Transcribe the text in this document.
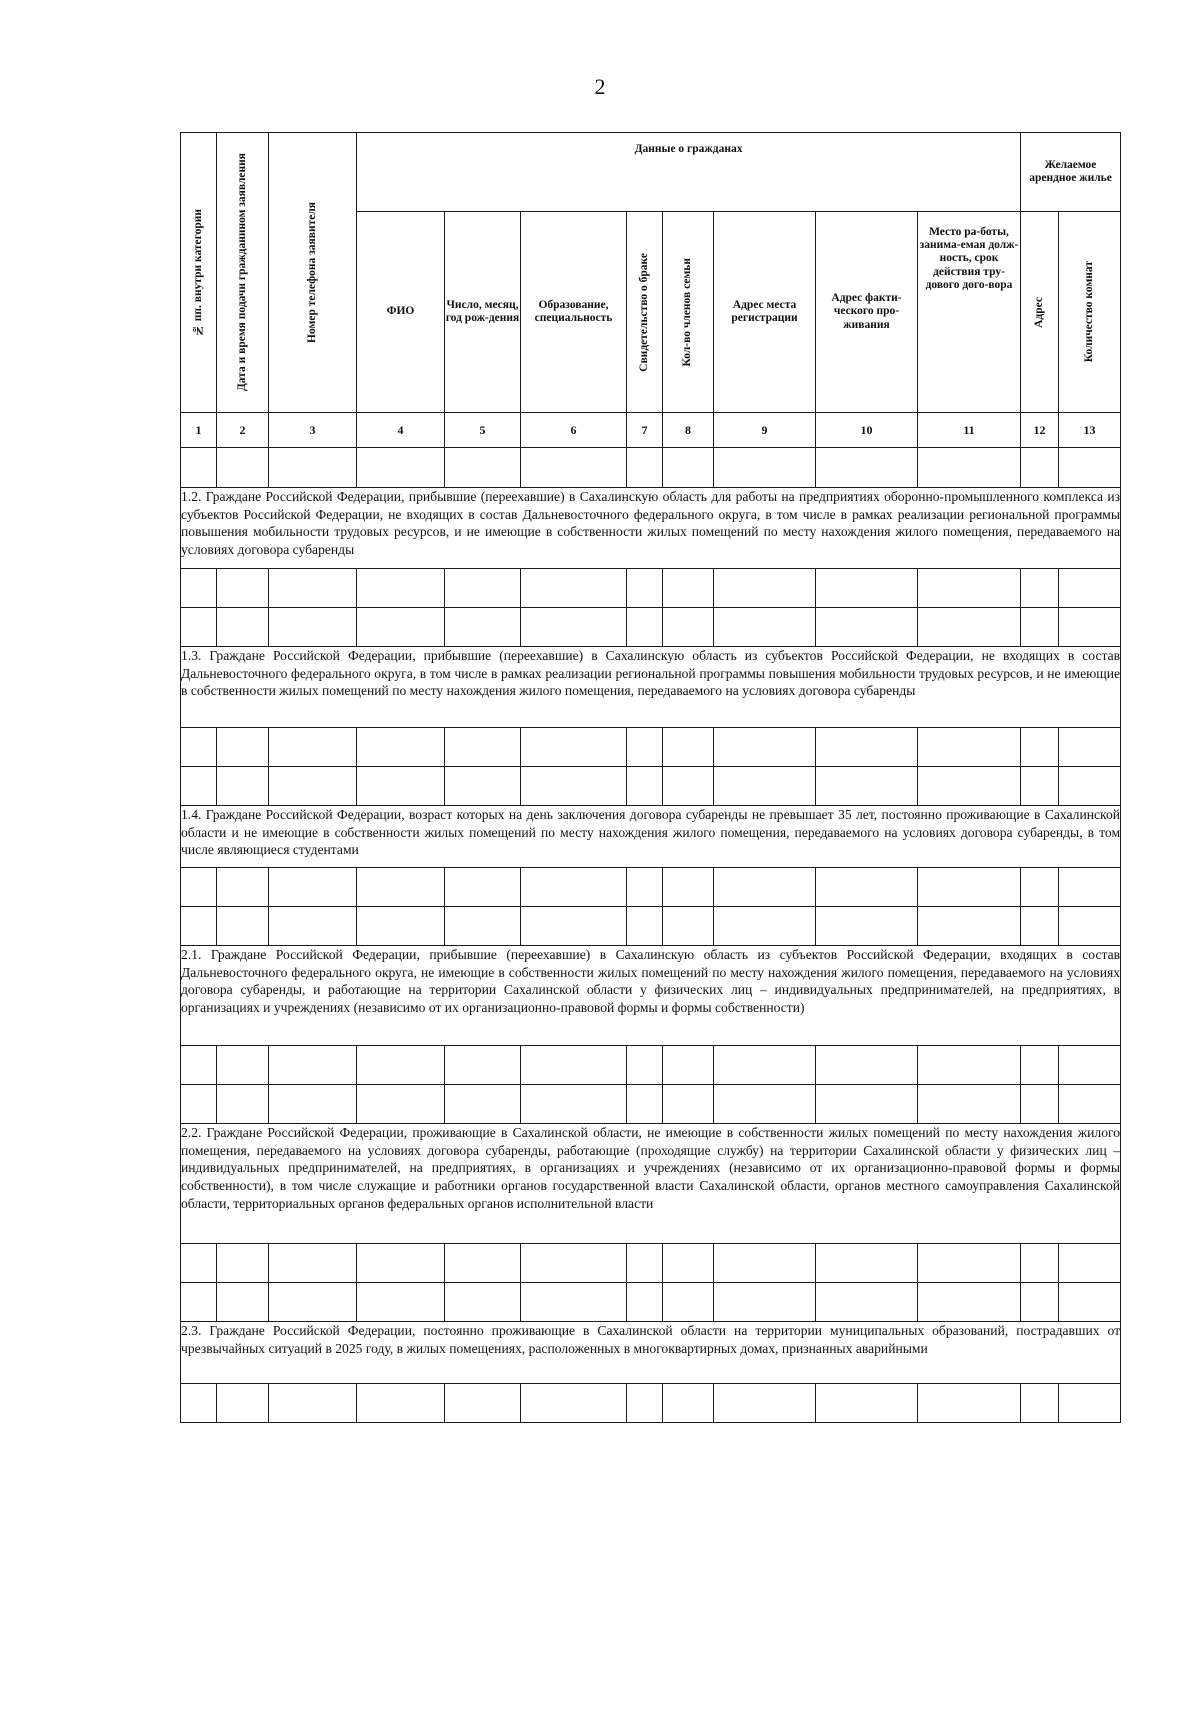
2
№ пп. внутри категории	Дата и время подачи гражданином заявления	Номер телефона заявителя	Данные о гражданах								Желаемое арендное жилье	
			ФИО	Число, месяц, год рож-дения	Образование, специальность	Свидетельство о браке	Кол-во членов семьи	Адрес места регистрации	Адрес факти-ческого про-живания	Место ра-боты, занима-емая долж-ность, срок действия тру-дового дого-вора	Адрес	Количество комнат

1	2	3	4	5	6	7	8	9	10	11	12	13

1.2. Граждане Российской Федерации, прибывшие (переехавшие) в Сахалинскую область для работы на предприятиях оборонно-промышленного комплекса из субъектов Российской Федерации, не входящих в состав Дальневосточного федерального округа, в том числе в рамках реализации региональной программы повышения мобильности трудовых ресурсов, и не имеющие в собственности жилых помещений по месту нахождения жилого помещения, передаваемого на условиях договора субаренды												

1.3. Граждане Российской Федерации, прибывшие (переехавшие) в Сахалинскую область из субъектов Российской Федерации, не входящих в состав Дальневосточного федерального округа, в том числе в рамках реализации региональной программы повышения мобильности трудовых ресурсов, и не имеющие в собственности жилых помещений по месту нахождения жилого помещения, передаваемого на условиях договора субаренды												

1.4. Граждане Российской Федерации, возраст которых на день заключения договора субаренды не превышает 35 лет, постоянно проживающие в Сахалинской области и не имеющие в собственности жилых помещений по месту нахождения жилого помещения, передаваемого на условиях договора субаренды, в том числе являющиеся студентами												

2.1. Граждане Российской Федерации, прибывшие (переехавшие) в Сахалинскую область из субъектов Российской Федерации, входящих в состав Дальневосточного федерального округа, не имеющие в собственности жилых помещений по месту нахождения жилого помещения, передаваемого на условиях договора субаренды, и работающие на территории Сахалинской области у физических лиц – индивидуальных предпринимателей, на предприятиях, в организациях и учреждениях (независимо от их организационно-правовой формы и формы собственности)												

2.2. Граждане Российской Федерации, проживающие в Сахалинской области, не имеющие в собственности жилых помещений по месту нахождения жилого помещения, передаваемого на условиях договора субаренды, работающие (проходящие службу) на территории Сахалинской области у физических лиц – индивидуальных предпринимателей, на предприятиях, в организациях и учреждениях (независимо от их организационно-правовой формы и формы собственности), в том числе служащие и работники органов государственной власти Сахалинской области, органов местного самоуправления Сахалинской области, территориальных органов федеральных органов исполнительной власти												

2.3. Граждане Российской Федерации, постоянно проживающие в Сахалинской области на территории муниципальных образований, пострадавших от чрезвычайных ситуаций в 2025 году, в жилых помещениях, расположенных в многоквартирных домах, признанных аварийными												
